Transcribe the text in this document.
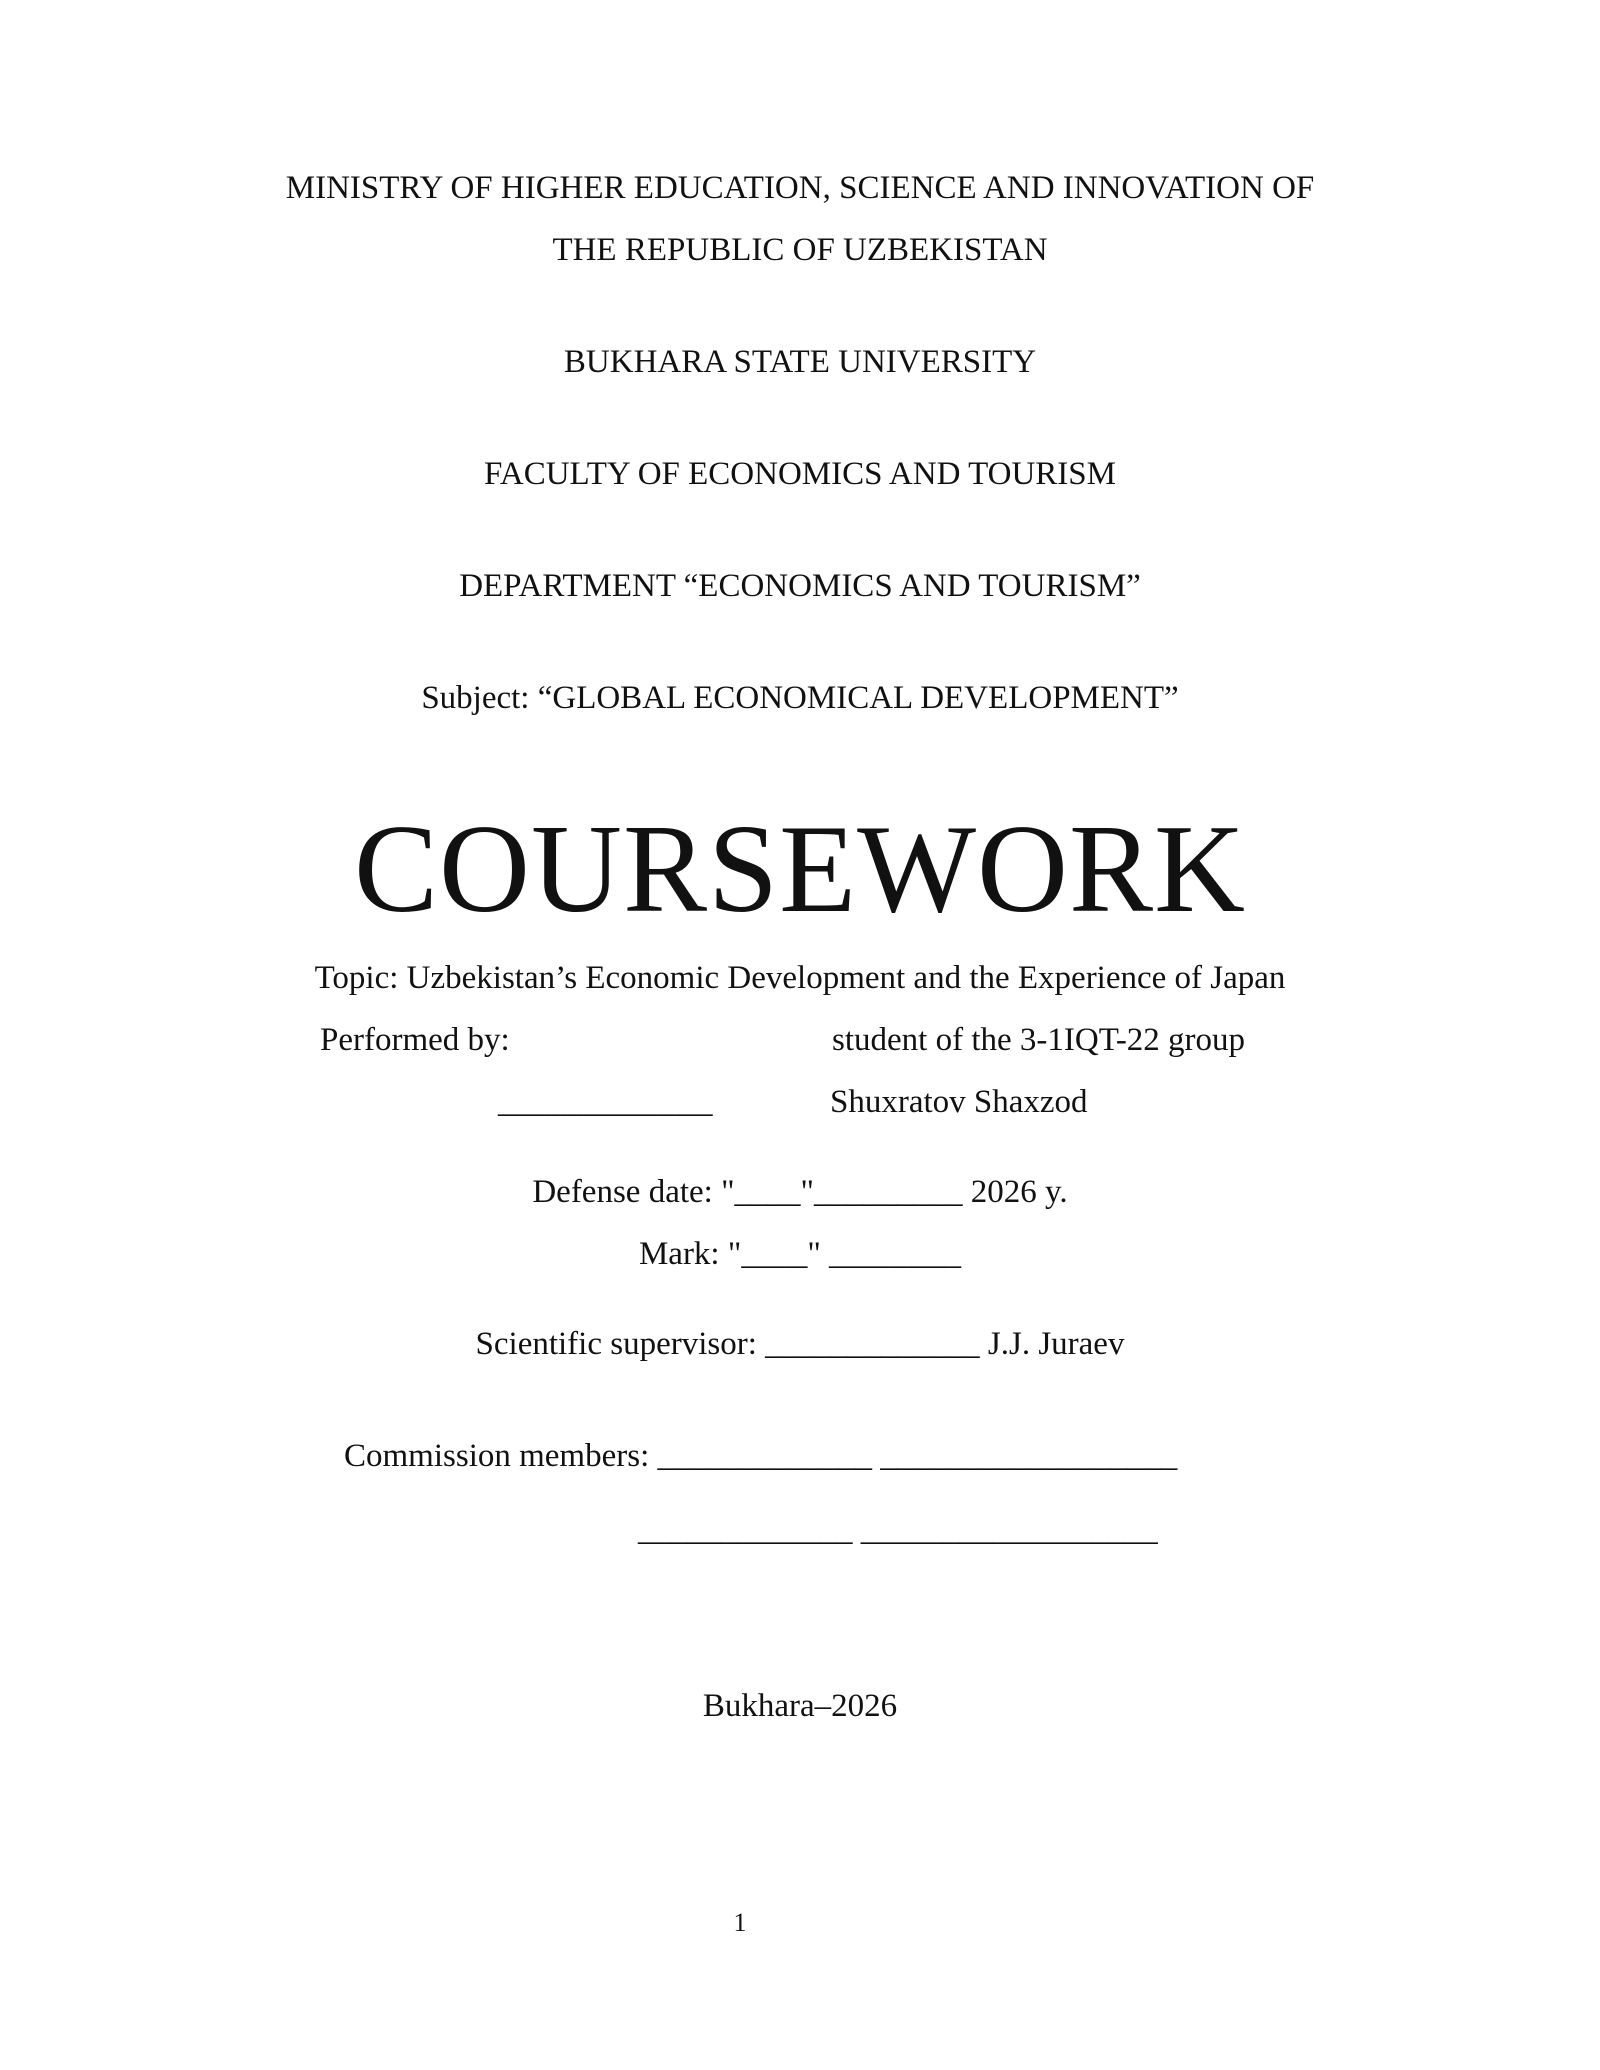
MINISTRY OF HIGHER EDUCATION, SCIENCE AND INNOVATION OF
THE REPUBLIC OF UZBEKISTAN
BUKHARA STATE UNIVERSITY
FACULTY OF ECONOMICS AND TOURISM
DEPARTMENT “ECONOMICS AND TOURISM”
Subject: “GLOBAL ECONOMICAL DEVELOPMENT”
COURSEWORK
Topic: Uzbekistan’s Economic Development and the Experience of Japan
Performed by:	student of the 3-1IQT-22 group
_____________	Shuxratov Shaxzod
Defense date: "____"_________ 2026 y.
Mark: "____" ________
Scientific supervisor: _____________ J.J. Juraev
Commission members: _____________ __________________
_____________ __________________
Bukhara–2026
1
